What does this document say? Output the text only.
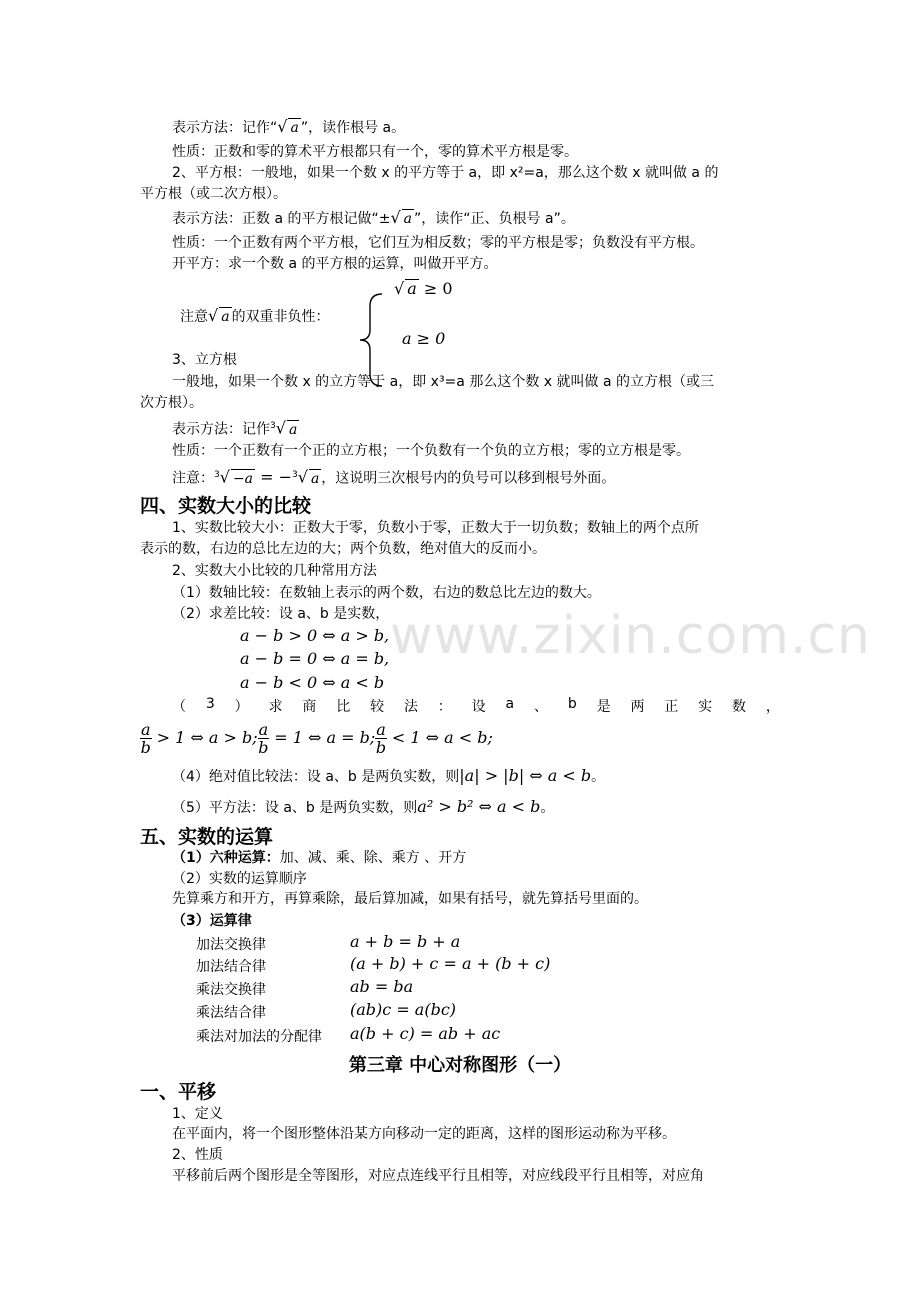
www.zixin.com.cn
表示方法：记作“√ a ”，读作根号 a。
性质：正数和零的算术平方根都只有一个，零的算术平方根是零。
2、平方根：一般地，如果一个数 x 的平方等于 a，即 x²=a，那么这个数 x 就叫做 a 的
平方根（或二次方根）。
表示方法：正数 a 的平方根记做“±√ a ”，读作“正、负根号 a”。
性质：一个正数有两个平方根，它们互为相反数；零的平方根是零；负数没有平方根。
开平方：求一个数 a 的平方根的运算，叫做开平方。
注意√ a 的双重非负性：
√ a ≥ 0
a ≥ 0
3、立方根
一般地，如果一个数 x 的立方等于 a，即 x³=a 那么这个数 x 就叫做 a 的立方根（或三
次方根）。
表示方法：记作$^3$√ a
性质：一个正数有一个正的立方根；一个负数有一个负的立方根；零的立方根是零。
注意：$^3$√ −a = −$^3$√ a ，这说明三次根号内的负号可以移到根号外面。
四、实数大小的比较
1、实数比较大小：正数大于零，负数小于零，正数大于一切负数；数轴上的两个点所
表示的数，右边的总比左边的大；两个负数，绝对值大的反而小。
2、实数大小比较的几种常用方法
（1）数轴比较：在数轴上表示的两个数，右边的数总比左边的数大。
（2）求差比较：设 a、b 是实数，
a − b > 0 ⇔ a > b,
a − b = 0 ⇔ a = b,
a − b < 0 ⇔ a < b
（ 3 ） 求 商 比 较 法 ： 设 a 、 b 是 两 正 实 数 ，
$\frac{a}{b} > 1$ ⇔ a > b; $\frac{a}{b} = 1$ ⇔ a = b; $\frac{a}{b} < 1$ ⇔ a < b;
（4）绝对值比较法：设 a、b 是两负实数，则|a| > |b| ⇔ a < b。
（5）平方法：设 a、b 是两负实数，则a² > b² ⇔ a < b。
五、实数的运算
（1）六种运算：加、减、乘、除、乘方 、开方
（2）实数的运算顺序
先算乘方和开方，再算乘除，最后算加减，如果有括号，就先算括号里面的。
（3）运算律
加法交换律	a + b = b + a
加法结合律	(a + b) + c = a + (b + c)
乘法交换律	ab = ba
乘法结合律	(ab)c = a(bc)
乘法对加法的分配律 a(b + c) = ab + ac
第三章 中心对称图形（一）
一、平移
1、定义
在平面内，将一个图形整体沿某方向移动一定的距离，这样的图形运动称为平移。
2、性质
平移前后两个图形是全等图形，对应点连线平行且相等，对应线段平行且相等，对应角
